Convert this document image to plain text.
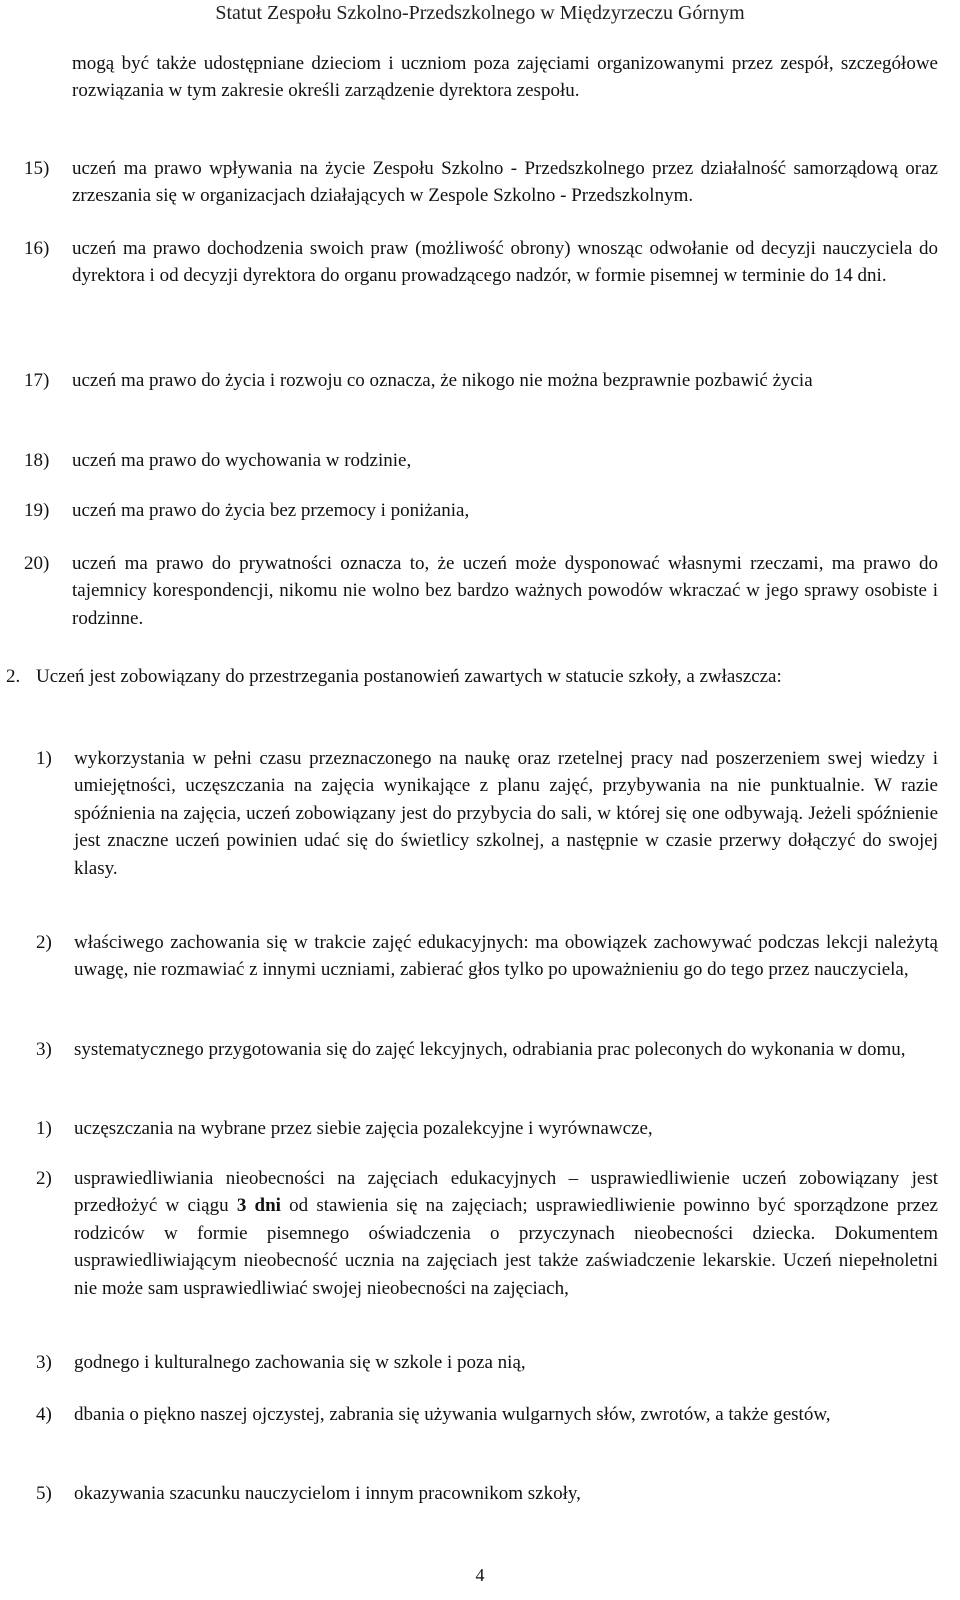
Statut Zespołu Szkolno-Przedszkolnego w Międzyrzeczu Górnym

mogą być także udostępniane dzieciom i uczniom poza zajęciami organizowanymi przez zespół, szczegółowe rozwiązania w tym zakresie określi zarządzenie dyrektora zespołu.

15) uczeń ma prawo wpływania na życie Zespołu Szkolno - Przedszkolnego przez działalność samorządową oraz zrzeszania się w organizacjach działających w Zespole Szkolno - Przedszkolnym.

16) uczeń ma prawo dochodzenia swoich praw (możliwość obrony) wnosząc odwołanie od decyzji nauczyciela do dyrektora i od decyzji dyrektora do organu prowadzącego nadzór, w formie pisemnej w terminie do 14 dni.

17) uczeń ma prawo do życia i rozwoju co oznacza, że nikogo nie można bezprawnie pozbawić życia

18) uczeń ma prawo do wychowania w rodzinie,

19) uczeń ma prawo do życia bez przemocy i poniżania,

20) uczeń ma prawo do prywatności oznacza to, że uczeń może dysponować własnymi rzeczami, ma prawo do tajemnicy korespondencji, nikomu nie wolno bez bardzo ważnych powodów wkraczać w jego sprawy osobiste i rodzinne.

2. Uczeń jest zobowiązany do przestrzegania postanowień zawartych w statucie szkoły, a zwłaszcza:

1) wykorzystania w pełni czasu przeznaczonego na naukę oraz rzetelnej pracy nad poszerzeniem swej wiedzy i umiejętności, uczęszczania na zajęcia wynikające z planu zajęć, przybywania na nie punktualnie. W razie spóźnienia na zajęcia, uczeń zobowiązany jest do przybycia do sali, w której się one odbywają. Jeżeli spóźnienie jest znaczne uczeń powinien udać się do świetlicy szkolnej, a następnie w czasie przerwy dołączyć do swojej klasy.

2) właściwego zachowania się w trakcie zajęć edukacyjnych: ma obowiązek zachowywać podczas lekcji należytą uwagę, nie rozmawiać z innymi uczniami, zabierać głos tylko po upoważnieniu go do tego przez nauczyciela,

3) systematycznego przygotowania się do zajęć lekcyjnych, odrabiania prac poleconych do wykonania w domu,

1) uczęszczania na wybrane przez siebie zajęcia pozalekcyjne i wyrównawcze,

2) usprawiedliwiania nieobecności na zajęciach edukacyjnych – usprawiedliwienie uczeń zobowiązany jest przedłożyć w ciągu 3 dni od stawienia się na zajęciach; usprawiedliwienie powinno być sporządzone przez rodziców w formie pisemnego oświadczenia o przyczynach nieobecności dziecka. Dokumentem usprawiedliwiającym nieobecność ucznia na zajęciach jest także zaświadczenie lekarskie. Uczeń niepełnoletni nie może sam usprawiedliwiać swojej nieobecności na zajęciach,

3) godnego i kulturalnego zachowania się w szkole i poza nią,

4) dbania o piękno naszej ojczystej, zabrania się używania wulgarnych słów, zwrotów, a także gestów,

5) okazywania szacunku nauczycielom i innym pracownikom szkoły,

4
